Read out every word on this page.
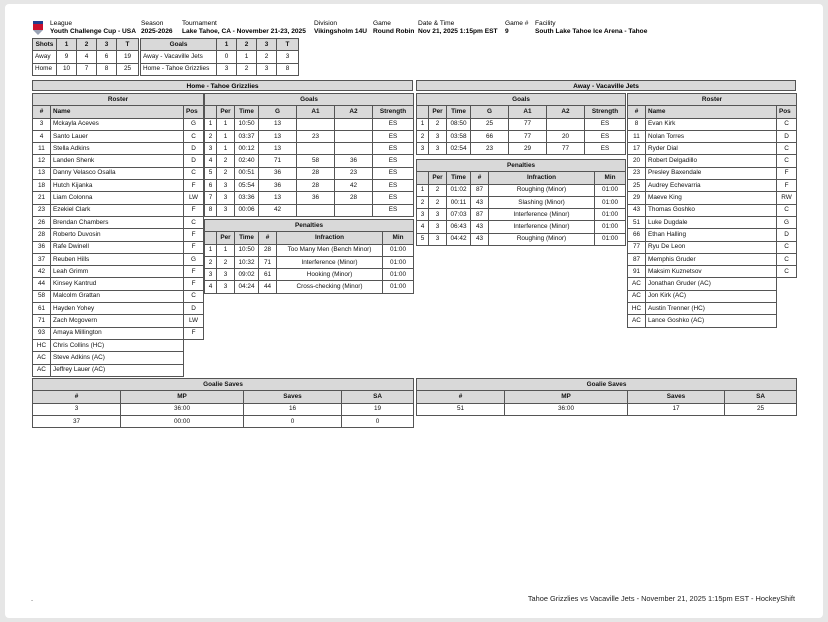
League
Youth Challenge Cup - USA
Season
2025-2026
Tournament
Lake Tahoe, CA - November 21-23, 2025
Division
Vikingsholm 14U
Game
Round Robin
Date & Time
Nov 21, 2025 1:15pm EST
Game #
9
Facility
South Lake Tahoe Ice Arena - Tahoe
Shots	1	2	3	T
Away	9	4	6	19
Home	10	7	8	25
Goals	1	2	3	T
Away - Vacaville Jets	0	1	2	3
Home - Tahoe Grizzlies	3	2	3	8
Home - Tahoe Grizzlies
Roster		
#	Name	Pos
3	Mckayla Aceves	G
4	Santo Lauer	C
11	Stella Adkins	D
12	Landen Shenk	D
13	Danny Velasco Osalla	C
18	Hutch Kijanka	F
21	Liam Colonna	LW
23	Ezekiel Clark	F
26	Brendan Chambers	C
28	Roberto Duvosin	F
36	Rafe Dwinell	F
37	Reuben Hills	G
42	Leah Grimm	F
44	Kinsey Kantrud	F
58	Malcolm Grattan	C
61	Hayden Yohey	D
71	Zach Mcgovern	LW
93	Amaya Millington	F
HC	Chris Collins (HC)	
AC	Steve Adkins (AC)	
AC	Jeffrey Lauer (AC)	
Goals						
	Per	Time	G	A1	A2	Strength
1	1	10:50	13			ES
2	1	03:37	13	23		ES
3	1	00:12	13			ES
4	2	02:40	71	58	36	ES
5	2	00:51	36	28	23	ES
6	3	05:54	36	28	42	ES
7	3	03:36	13	36	28	ES
8	3	00:06	42			ES
Penalties					
	Per	Time	#	Infraction	Min
1	1	10:50	28	Too Many Men (Bench Minor)	01:00
2	2	10:32	71	Interference (Minor)	01:00
3	3	09:02	61	Hooking (Minor)	01:00
4	3	04:24	44	Cross-checking (Minor)	01:00
Goalie Saves			
#	MP	Saves	SA
3	36:00	16	19
37	00:00	0	0
Away - Vacaville Jets
Goals						
	Per	Time	G	A1	A2	Strength
1	2	08:50	25	77		ES
2	3	03:58	66	77	20	ES
3	3	02:54	23	29	77	ES
Penalties					
	Per	Time	#	Infraction	Min
1	2	01:02	87	Roughing (Minor)	01:00
2	2	00:11	43	Slashing (Minor)	01:00
3	3	07:03	87	Interference (Minor)	01:00
4	3	06:43	43	Interference (Minor)	01:00
5	3	04:42	43	Roughing (Minor)	01:00
Roster		
#	Name	Pos
8	Evan Kirk	C
11	Nolan Torres	D
17	Ryder Dial	C
20	Robert Delgadillo	C
23	Presley Baxendale	F
25	Audrey Echevarria	F
29	Maeve King	RW
43	Thomas Goshko	C
51	Luke Dugdale	G
66	Ethan Halling	D
77	Ryu De Leon	C
87	Memphis Gruder	C
91	Maksim Kuznetsov	C
AC	Jonathan Gruder (AC)	
AC	Jon Kirk (AC)	
HC	Austin Trenner (HC)	
AC	Lance Goshko (AC)	
Goalie Saves			
#	MP	Saves	SA
51	36:00	17	25
.	Tahoe Grizzlies vs Vacaville Jets - November 21, 2025 1:15pm EST - HockeyShift
